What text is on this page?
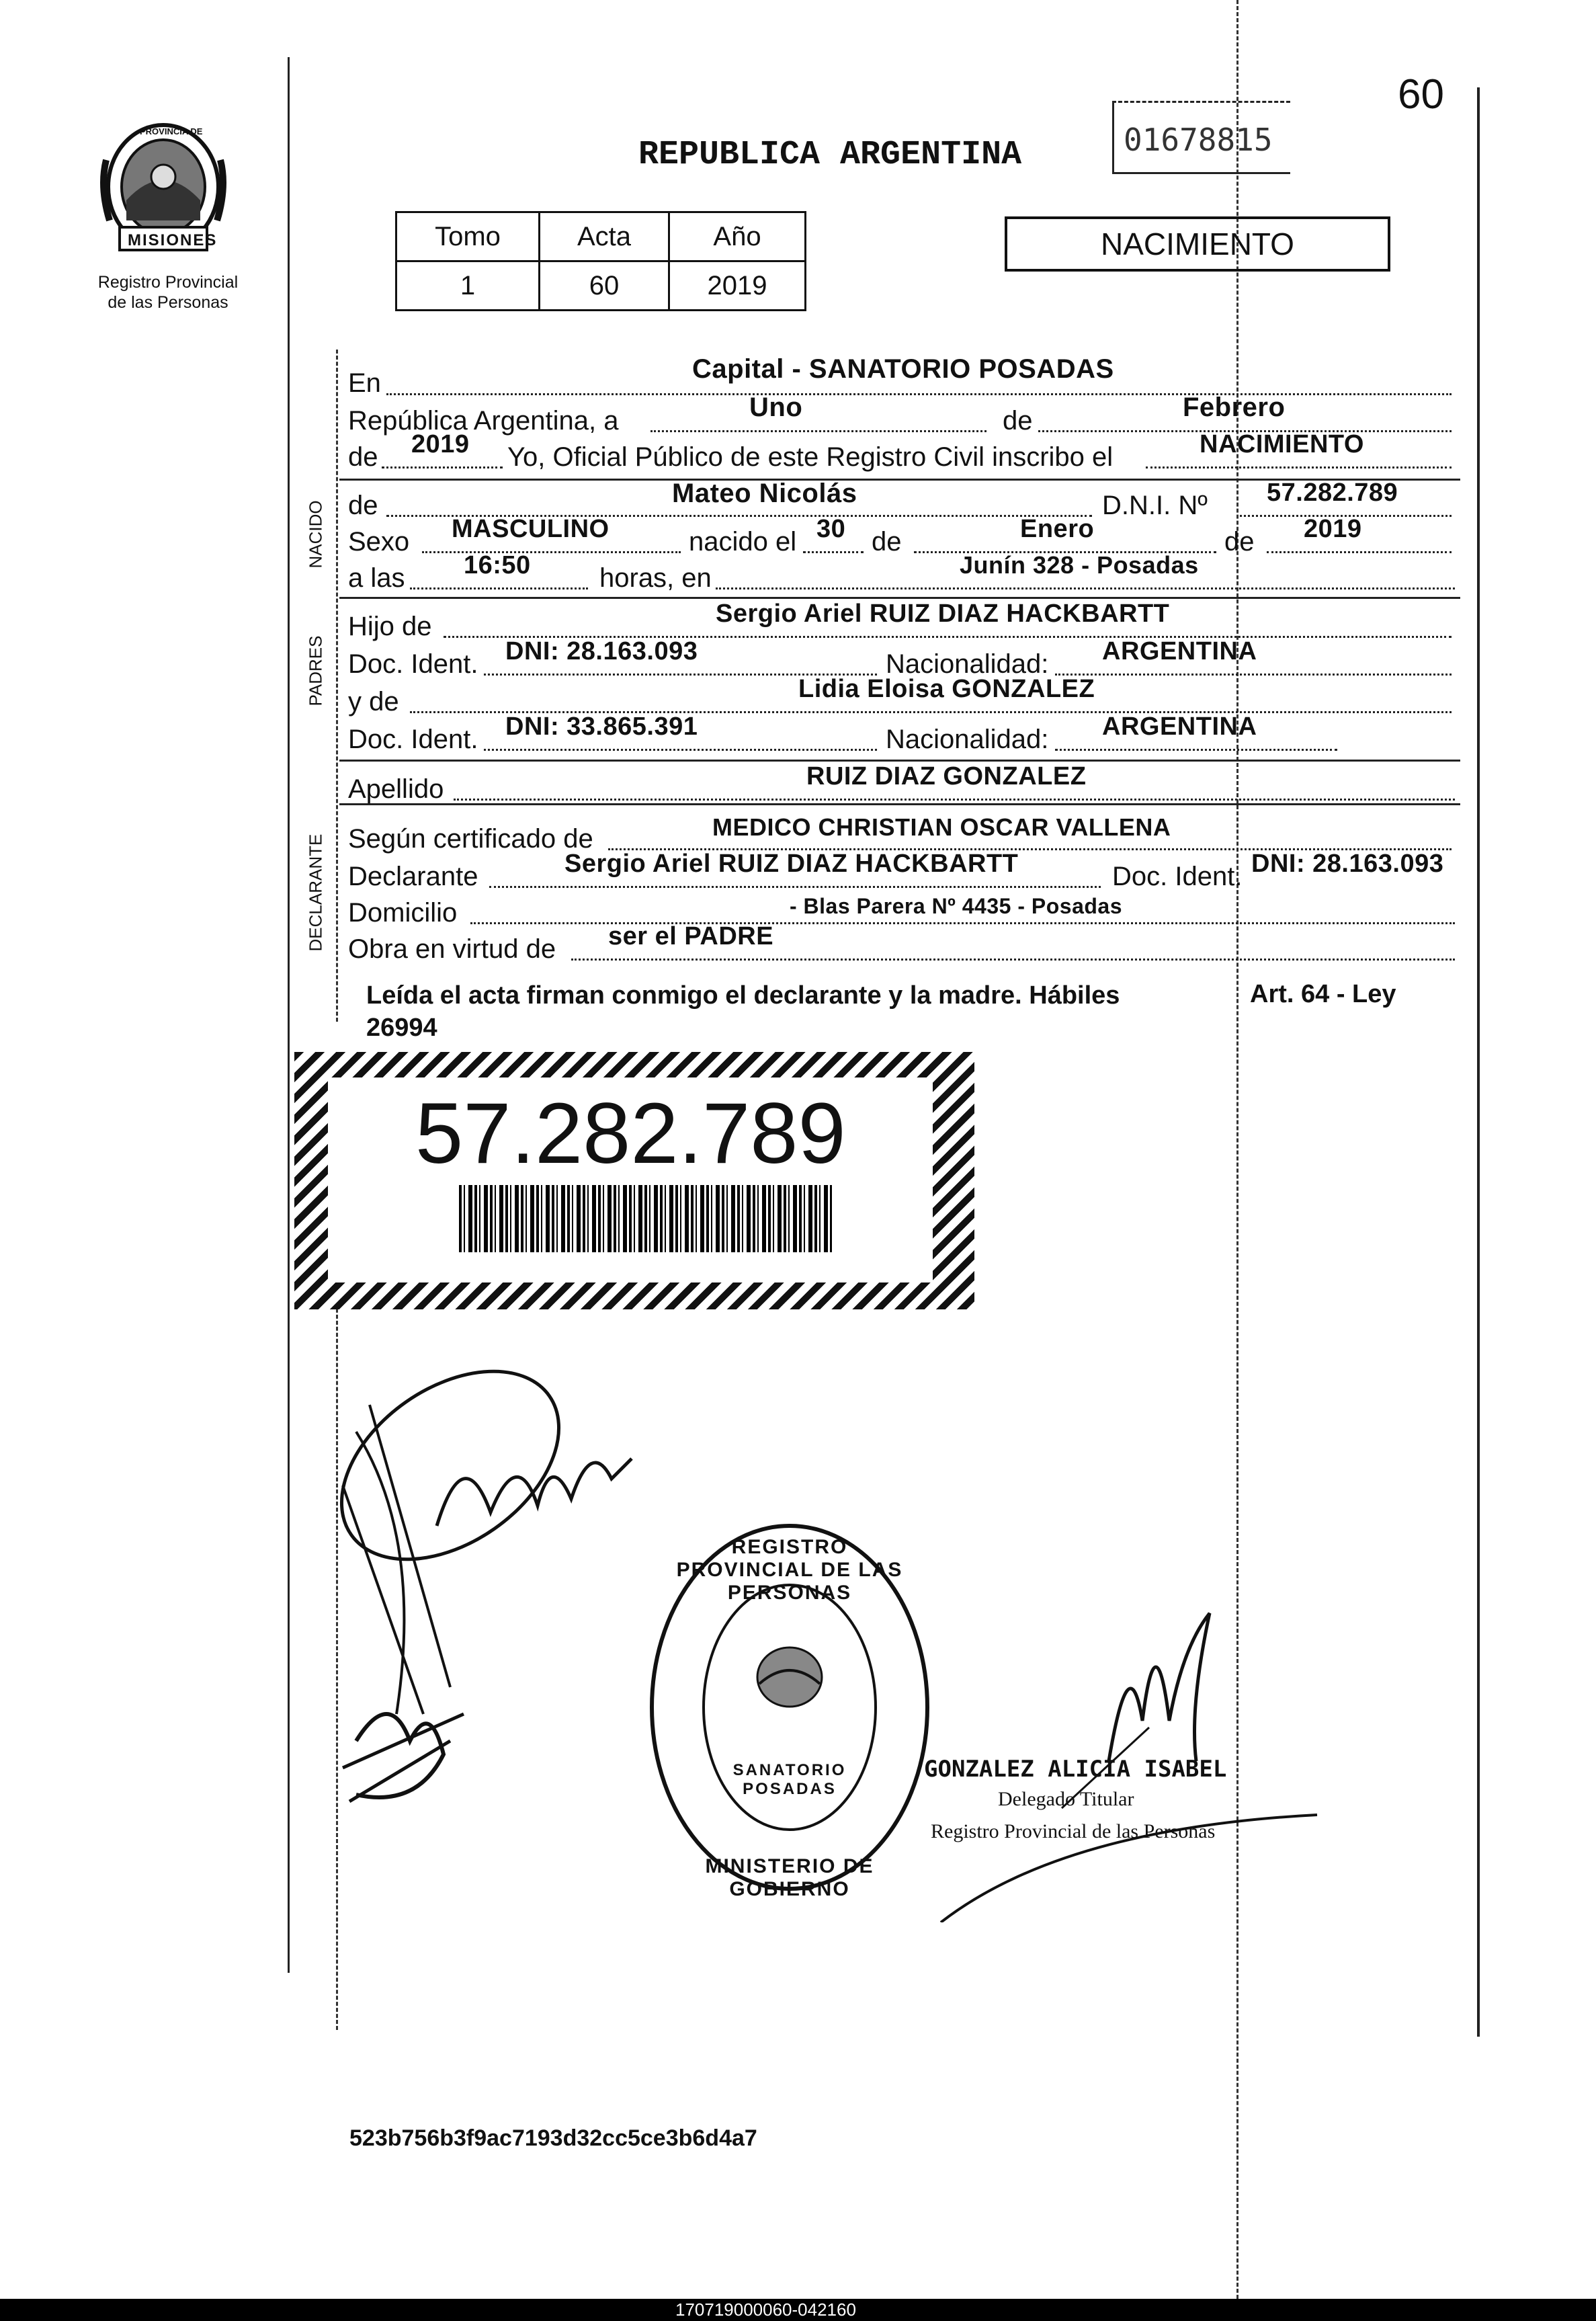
PROVINCIA DE
MISIONES
Registro Provincial
de las Personas
60
REPUBLICA ARGENTINA	01678815
Tomo	Acta	Año
1	60	2019
NACIMIENTO
NACIDO
PADRES
DECLARANTE
En	Capital - SANATORIO POSADAS
República Argentina, a	Uno	de	Febrero
de 2019 Yo, Oficial Público de este Registro Civil inscribo el	NACIMIENTO
de	Mateo Nicolás	D.N.I. Nº 57.282.789
Sexo MASCULINO	nacido el 30 de	Enero	de 2019
a las 16:50	horas, en	Junín 328 - Posadas
Hijo de	Sergio Ariel RUIZ DIAZ HACKBARTT
Doc. Ident. DNI: 28.163.093	Nacionalidad: ARGENTINA
y de	Lidia Eloisa GONZALEZ
Doc. Ident. DNI: 33.865.391	Nacionalidad: ARGENTINA
Apellido	RUIZ DIAZ GONZALEZ
Según certificado de	MEDICO CHRISTIAN OSCAR VALLENA
Declarante	Sergio Ariel RUIZ DIAZ HACKBARTT	Doc. Ident. DNI: 28.163.093
Domicilio	- Blas Parera Nº 4435 - Posadas
Obra en virtud de ser el PADRE
Leída el acta firman conmigo el declarante y la madre. Hábiles
26994
Art. 64 - Ley
57.282.789
REGISTRO PROVINCIAL DE LAS PERSONAS
SANATORIO POSADAS
MINISTERIO DE GOBIERNO
GONZALEZ ALICIA ISABEL
Delegado Titular
Registro Provincial de las Personas
523b756b3f9ac7193d32cc5ce3b6d4a7
170719000060-042160
